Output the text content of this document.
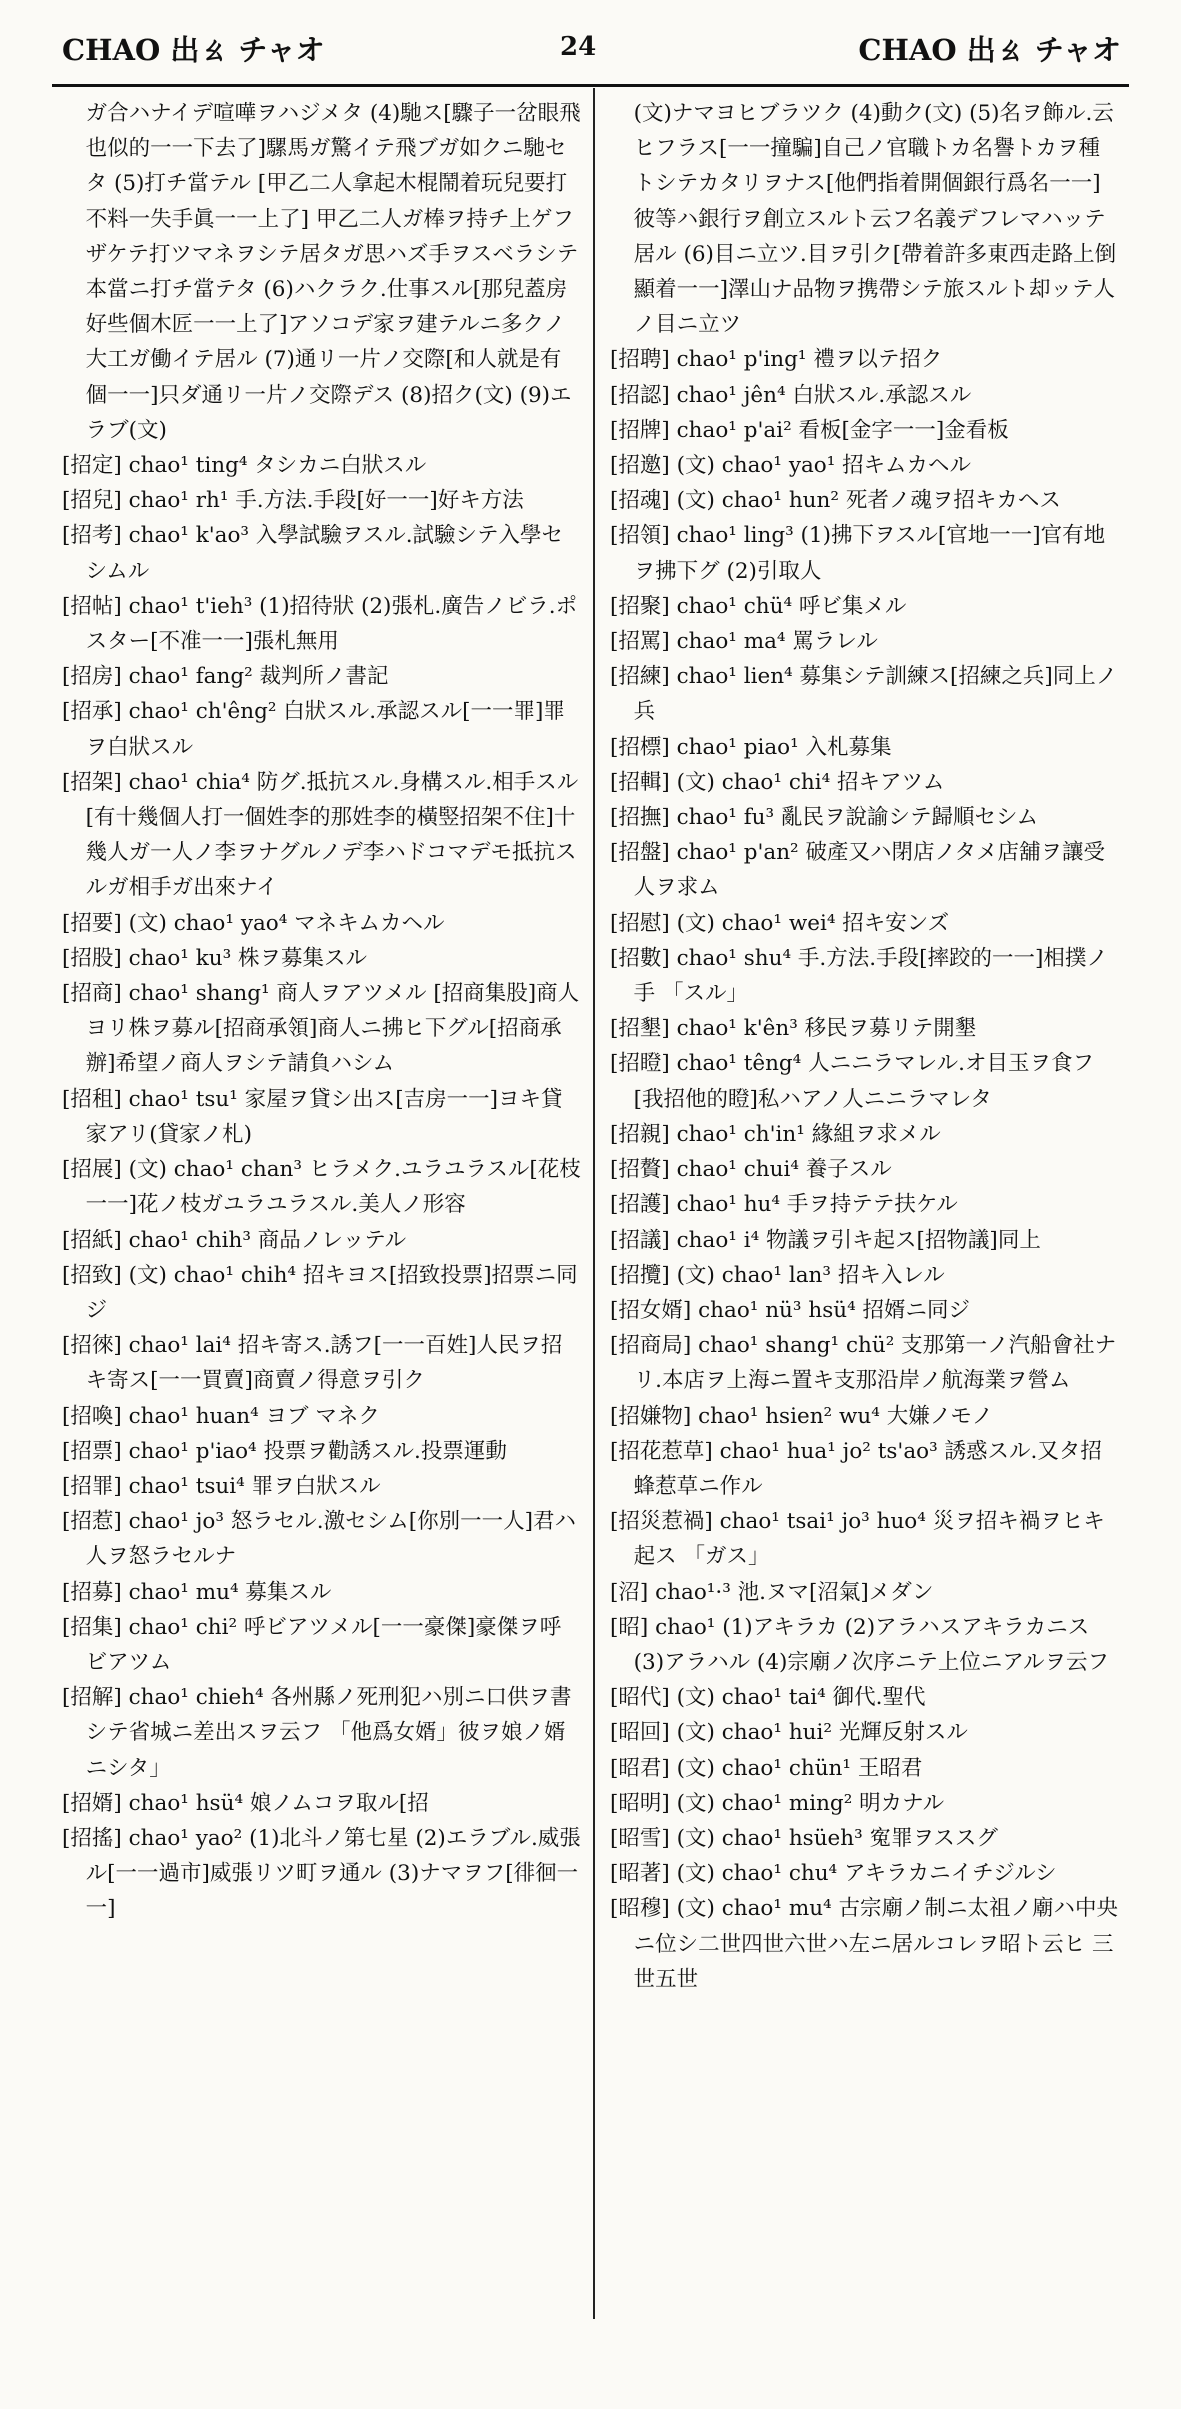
CHAO 出ㄠ チャオ	24	CHAO 出ㄠ チャオ

ガ合ハナイデ喧嘩ヲハジメタ (4)馳ス[驟子一岔眼飛也似的一一下去了]騾馬ガ驚イテ飛ブガ如クニ馳セタ (5)打チ當テル [甲乙二人拿起木棍鬧着玩兒要打不料一失手眞一一上了] 甲乙二人ガ棒ヲ持チ上ゲフザケテ打ツマネヲシテ居タガ思ハズ手ヲスベラシテ本當ニ打チ當テタ (6)ハクラク.仕事スル[那兒蓋房好些個木匠一一上了]アソコデ家ヲ建テルニ多クノ大工ガ働イテ居ル (7)通リ一片ノ交際[和人就是有個一一]只ダ通リ一片ノ交際デス (8)招ク(文) (9)エラブ(文)

[招定] chao¹ ting⁴ タシカニ白狀スル

[招兒] chao¹ rh¹ 手.方法.手段[好一一]好キ方法

[招考] chao¹ k'ao³ 入學試驗ヲスル.試驗シテ入學セシムル

[招帖] chao¹ t'ieh³ (1)招待狀 (2)張札.廣告ノビラ.ポスター[不准一一]張札無用

[招房] chao¹ fang² 裁判所ノ書記

[招承] chao¹ ch'êng² 白狀スル.承認スル[一一罪]罪ヲ白狀スル

[招架] chao¹ chia⁴ 防グ.抵抗スル.身構スル.相手スル[有十幾個人打一個姓李的那姓李的橫竪招架不住]十幾人ガ一人ノ李ヲナグルノデ李ハドコマデモ抵抗スルガ相手ガ出來ナイ

[招要] (文) chao¹ yao⁴ マネキムカヘル

[招股] chao¹ ku³ 株ヲ募集スル

[招商] chao¹ shang¹ 商人ヲアツメル [招商集股]商人ヨリ株ヲ募ル[招商承領]商人ニ拂ヒ下グル[招商承辦]希望ノ商人ヲシテ請負ハシム

[招租] chao¹ tsu¹ 家屋ヲ貸シ出ス[吉房一一]ヨキ貸家アリ(貸家ノ札)

[招展] (文) chao¹ chan³ ヒラメク.ユラユラスル[花枝一一]花ノ枝ガユラユラスル.美人ノ形容

[招紙] chao¹ chih³ 商品ノレッテル

[招致] (文) chao¹ chih⁴ 招キヨス[招致投票]招票ニ同ジ

[招徠] chao¹ lai⁴ 招キ寄ス.誘フ[一一百姓]人民ヲ招キ寄ス[一一買賣]商賣ノ得意ヲ引ク

[招喚] chao¹ huan⁴ ヨブ マネク

[招票] chao¹ p'iao⁴ 投票ヲ勸誘スル.投票運動

[招罪] chao¹ tsui⁴ 罪ヲ白狀スル

[招惹] chao¹ jo³ 怒ラセル.激セシム[你別一一人]君ハ人ヲ怒ラセルナ

[招募] chao¹ mu⁴ 募集スル

[招集] chao¹ chi² 呼ビアツメル[一一豪傑]豪傑ヲ呼ビアツム

[招解] chao¹ chieh⁴ 各州縣ノ死刑犯ハ別ニ口供ヲ書シテ省城ニ差出スヲ云フ 「他爲女婿」彼ヲ娘ノ婿ニシタ」

[招婿] chao¹ hsü⁴ 娘ノムコヲ取ル[招

[招搖] chao¹ yao² (1)北斗ノ第七星 (2)エラブル.威張ル[一一過市]威張リツ町ヲ通ル (3)ナマヲフ[徘徊一一]

(文)ナマヨヒブラツク (4)動ク(文) (5)名ヲ飾ル.云ヒフラス[一一撞騙]自己ノ官職トカ名譽トカヲ種トシテカタリヲナス[他們指着開個銀行爲名一一]彼等ハ銀行ヲ創立スルト云フ名義デフレマハッテ居ル (6)目ニ立ツ.目ヲ引ク[帶着許多東西走路上倒顯着一一]澤山ナ品物ヲ携帶シテ旅スルト却ッテ人ノ目ニ立ツ

[招聘] chao¹ p'ing¹ 禮ヲ以テ招ク

[招認] chao¹ jên⁴ 白狀スル.承認スル

[招牌] chao¹ p'ai² 看板[金字一一]金看板

[招邀] (文) chao¹ yao¹ 招キムカヘル

[招魂] (文) chao¹ hun² 死者ノ魂ヲ招キカヘス

[招領] chao¹ ling³ (1)拂下ヲスル[官地一一]官有地ヲ拂下グ (2)引取人

[招聚] chao¹ chü⁴ 呼ビ集メル

[招罵] chao¹ ma⁴ 罵ラレル

[招練] chao¹ lien⁴ 募集シテ訓練ス[招練之兵]同上ノ兵

[招標] chao¹ piao¹ 入札募集

[招輯] (文) chao¹ chi⁴ 招キアツム

[招撫] chao¹ fu³ 亂民ヲ說諭シテ歸順セシム

[招盤] chao¹ p'an² 破產又ハ閉店ノタメ店舖ヲ讓受人ヲ求ム

[招慰] (文) chao¹ wei⁴ 招キ安ンズ

[招數] chao¹ shu⁴ 手.方法.手段[摔跤的一一]相撲ノ手 「スル」

[招墾] chao¹ k'ên³ 移民ヲ募リテ開墾

[招瞪] chao¹ têng⁴ 人ニニラマレル.オ目玉ヲ食フ[我招他的瞪]私ハアノ人ニニラマレタ

[招親] chao¹ ch'in¹ 緣組ヲ求メル

[招贅] chao¹ chui⁴ 養子スル

[招護] chao¹ hu⁴ 手ヲ持テテ扶ケル

[招議] chao¹ i⁴ 物議ヲ引キ起ス[招物議]同上

[招攬] (文) chao¹ lan³ 招キ入レル

[招女婿] chao¹ nü³ hsü⁴ 招婿ニ同ジ

[招商局] chao¹ shang¹ chü² 支那第一ノ汽船會社ナリ.本店ヲ上海ニ置キ支那沿岸ノ航海業ヲ營ム

[招嫌物] chao¹ hsien² wu⁴ 大嫌ノモノ

[招花惹草] chao¹ hua¹ jo² ts'ao³ 誘惑スル.又タ招蜂惹草ニ作ル

[招災惹禍] chao¹ tsai¹ jo³ huo⁴ 災ヲ招キ禍ヲヒキ起ス 「ガス」

[沼] chao¹·³ 池.ヌマ[沼氣]メダン

[昭] chao¹ (1)アキラカ (2)アラハスアキラカニス (3)アラハル (4)宗廟ノ次序ニテ上位ニアルヲ云フ

[昭代] (文) chao¹ tai⁴ 御代.聖代

[昭回] (文) chao¹ hui² 光輝反射スル

[昭君] (文) chao¹ chün¹ 王昭君

[昭明] (文) chao¹ ming² 明カナル

[昭雪] (文) chao¹ hsüeh³ 寃罪ヲススグ

[昭著] (文) chao¹ chu⁴ アキラカニイチジルシ

[昭穆] (文) chao¹ mu⁴ 古宗廟ノ制ニ太祖ノ廟ハ中央ニ位シ二世四世六世ハ左ニ居ルコレヲ昭ト云ヒ 三世五世
